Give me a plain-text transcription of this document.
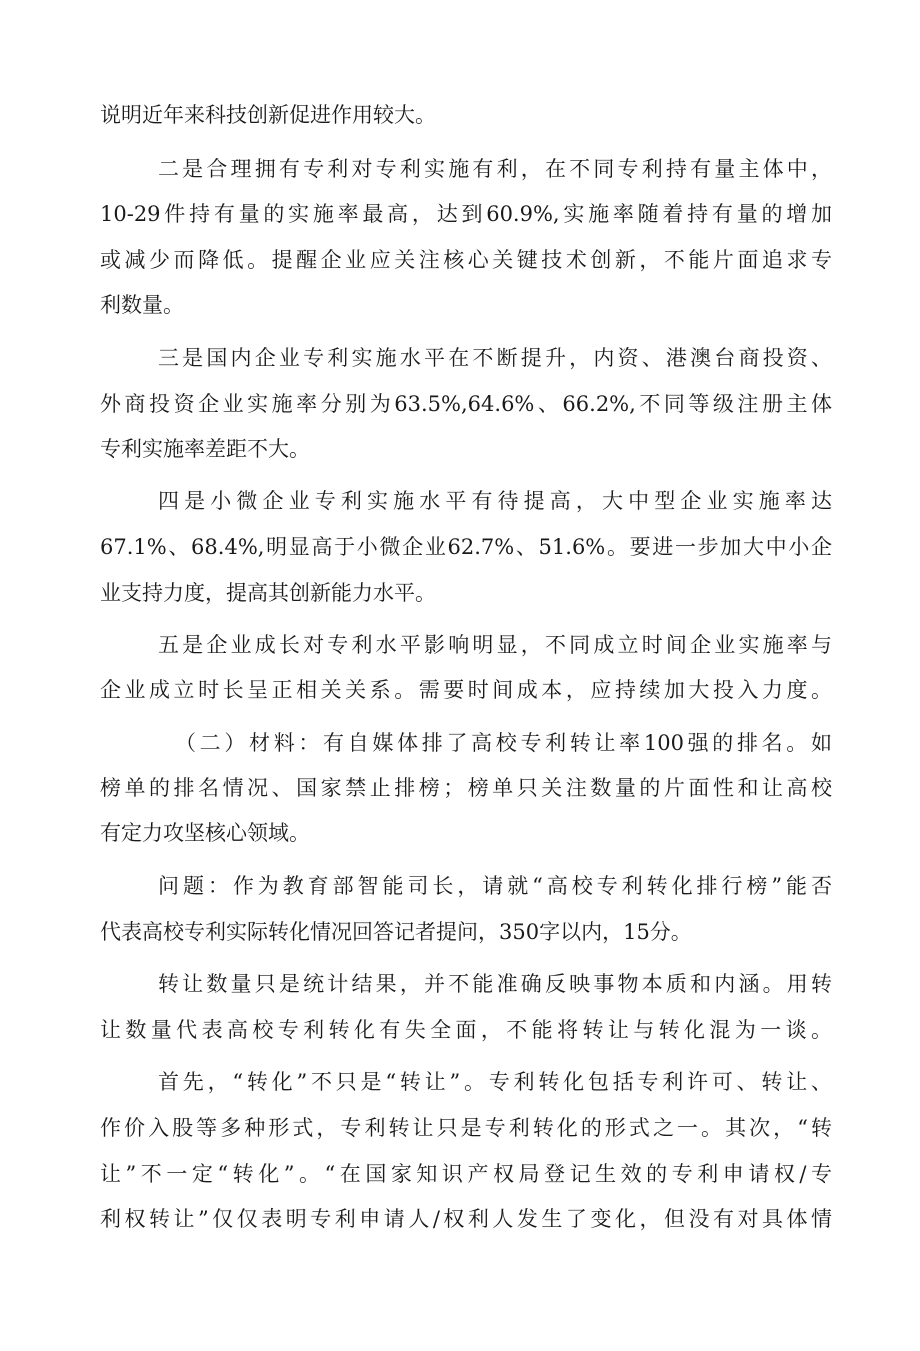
说明近年来科技创新促进作用较大。
二是合理拥有专利对专利实施有利，在不同专利持有量主体中，
10-29件持有量的实施率最高，达到60.9%,实施率随着持有量的增加
或减少而降低。提醒企业应关注核心关键技术创新，不能片面追求专
利数量。
三是国内企业专利实施水平在不断提升，内资、港澳台商投资、
外商投资企业实施率分别为63.5%,64.6%、66.2%,不同等级注册主体
专利实施率差距不大。
四是小微企业专利实施水平有待提高，大中型企业实施率达
67.1%、68.4%,明显高于小微企业62.7%、51.6%。要进一步加大中小企
业支持力度，提高其创新能力水平。
五是企业成长对专利水平影响明显，不同成立时间企业实施率与
企业成立时长呈正相关关系。需要时间成本，应持续加大投入力度。
（二）材料：有自媒体排了高校专利转让率100强的排名。如
榜单的排名情况、国家禁止排榜；榜单只关注数量的片面性和让高校
有定力攻坚核心领域。
问题：作为教育部智能司长，请就“高校专利转化排行榜”能否
代表高校专利实际转化情况回答记者提问，350字以内，15分。
转让数量只是统计结果，并不能准确反映事物本质和内涵。用转
让数量代表高校专利转化有失全面，不能将转让与转化混为一谈。
首先，“转化”不只是“转让”。专利转化包括专利许可、转让、
作价入股等多种形式，专利转让只是专利转化的形式之一。其次，“转
让”不一定“转化”。“在国家知识产权局登记生效的专利申请权/专
利权转让”仅仅表明专利申请人/权利人发生了变化，但没有对具体情
